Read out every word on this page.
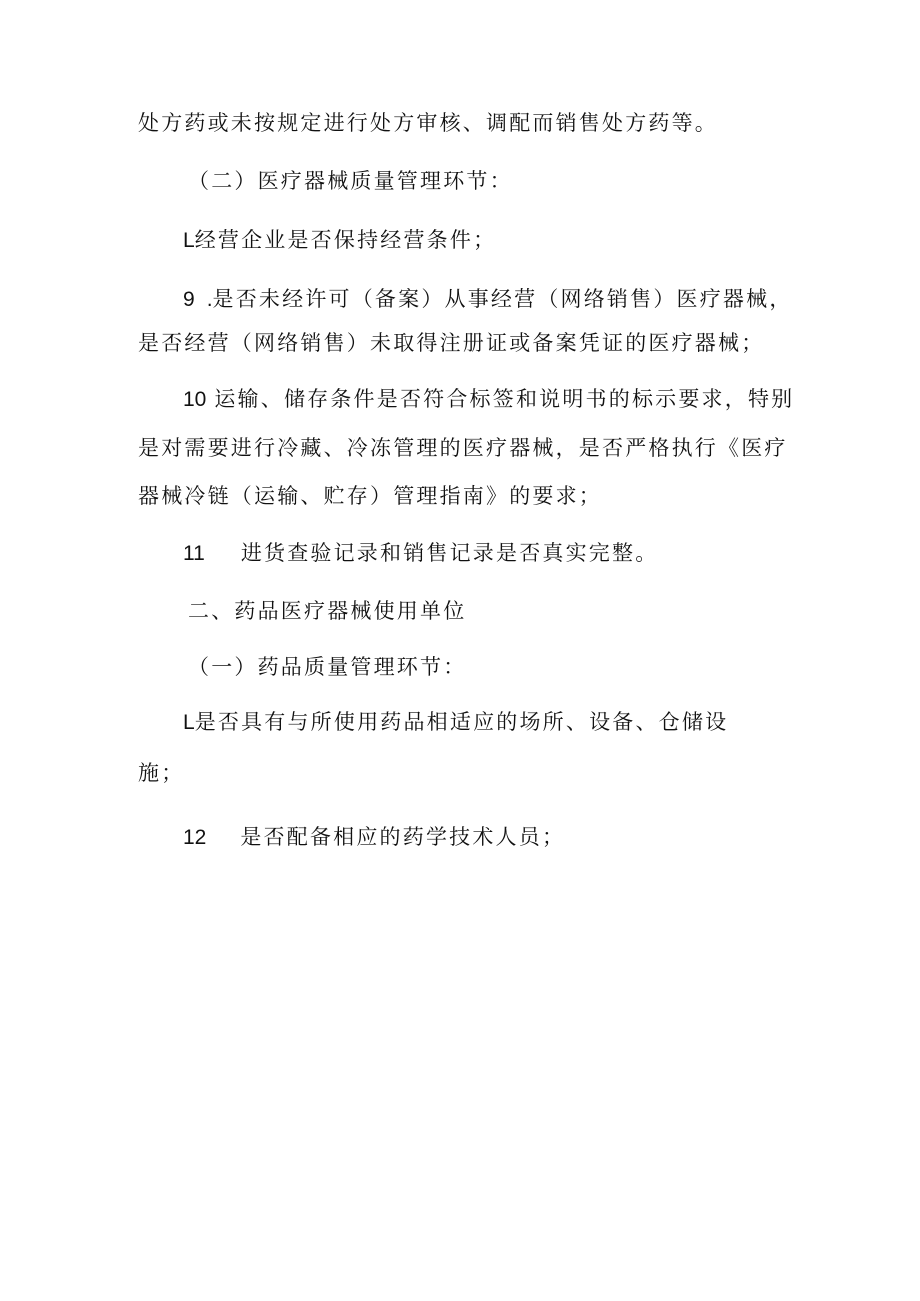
处方药或未按规定进行处方审核、调配而销售处方药等。
（二）医疗器械质量管理环节：
L经营企业是否保持经营条件；
9 .是否未经许可（备案）从事经营（网络销售）医疗器械，
是否经营（网络销售）未取得注册证或备案凭证的医疗器械；
10 运输、储存条件是否符合标签和说明书的标示要求，特别
是对需要进行冷藏、冷冻管理的医疗器械，是否严格执行《医疗
器械冷链（运输、贮存）管理指南》的要求；
11 进货查验记录和销售记录是否真实完整。
二、药品医疗器械使用单位
（一）药品质量管理环节：
L是否具有与所使用药品相适应的场所、设备、仓储设
施；
12 是否配备相应的药学技术人员；
